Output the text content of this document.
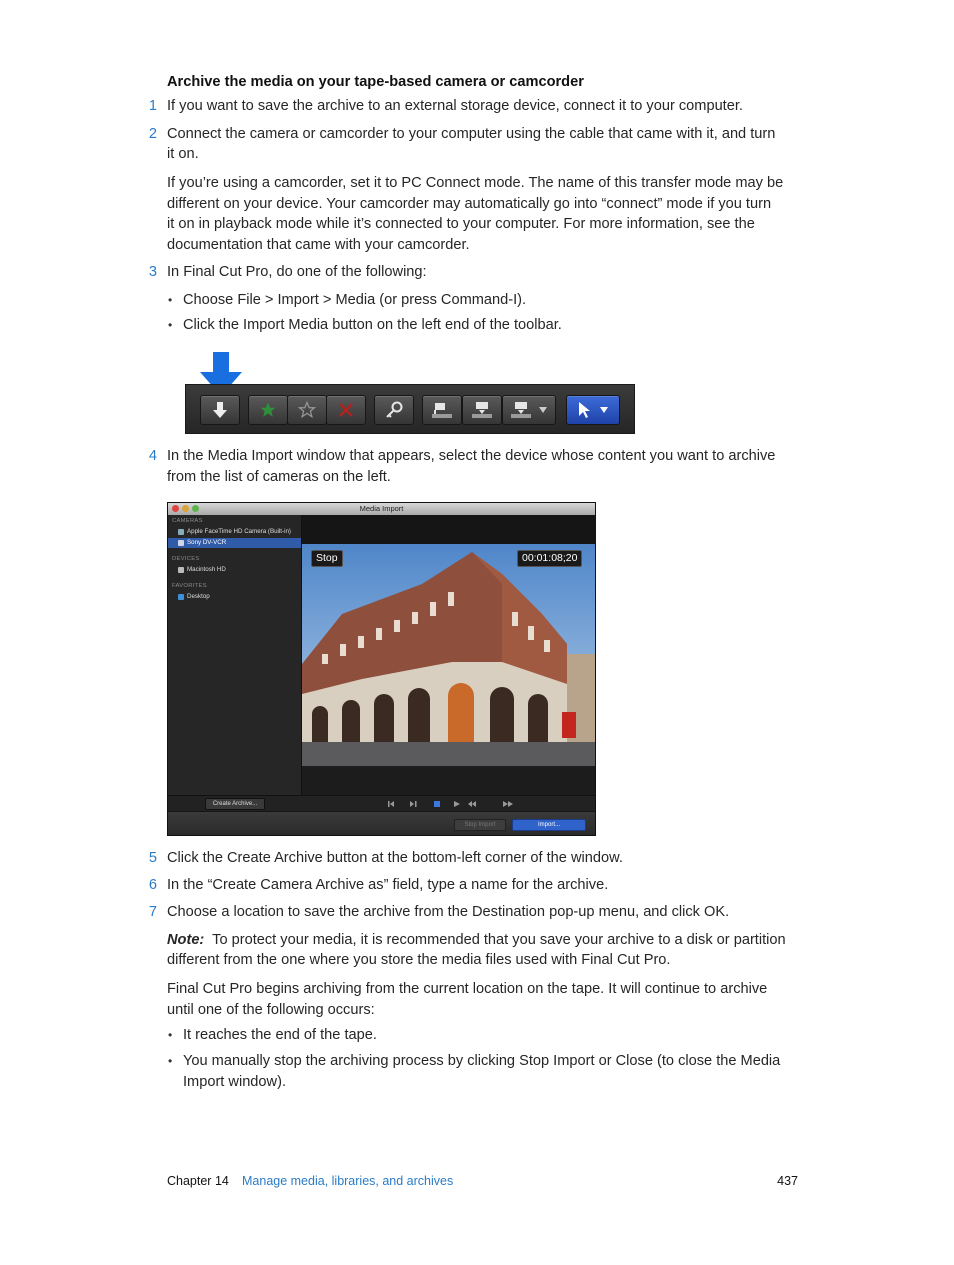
Archive the media on your tape-based camera or camcorder
1 If you want to save the archive to an external storage device, connect it to your computer.
2 Connect the camera or camcorder to your computer using the cable that came with it, and turn
it on.
If you’re using a camcorder, set it to PC Connect mode. The name of this transfer mode may be
different on your device. Your camcorder may automatically go into “connect” mode if you turn
it on in playback mode while it’s connected to your computer. For more information, see the
documentation that came with your camcorder.
3 In Final Cut Pro, do one of the following:
• Choose File > Import > Media (or press Command-I).
• Click the Import Media button on the left end of the toolbar.
4 In the Media Import window that appears, select the device whose content you want to archive
from the list of cameras on the left.
Media Import
CAMERAS
Apple FaceTime HD Camera (Built-in)
Sony DV-VCR
DEVICES
Macintosh HD
FAVORITES
Desktop
Stop	00:01:08;20
Create Archive...
Stop Import	Import...
5 Click the Create Archive button at the bottom-left corner of the window.
6 In the “Create Camera Archive as” field, type a name for the archive.
7 Choose a location to save the archive from the Destination pop-up menu, and click OK.
Note: To protect your media, it is recommended that you save your archive to a disk or partition
different from the one where you store the media files used with Final Cut Pro.
Final Cut Pro begins archiving from the current location on the tape. It will continue to archive
until one of the following occurs:
• It reaches the end of the tape.
• You manually stop the archiving process by clicking Stop Import or Close (to close the Media
Import window).
Chapter 14 Manage media, libraries, and archives	437
